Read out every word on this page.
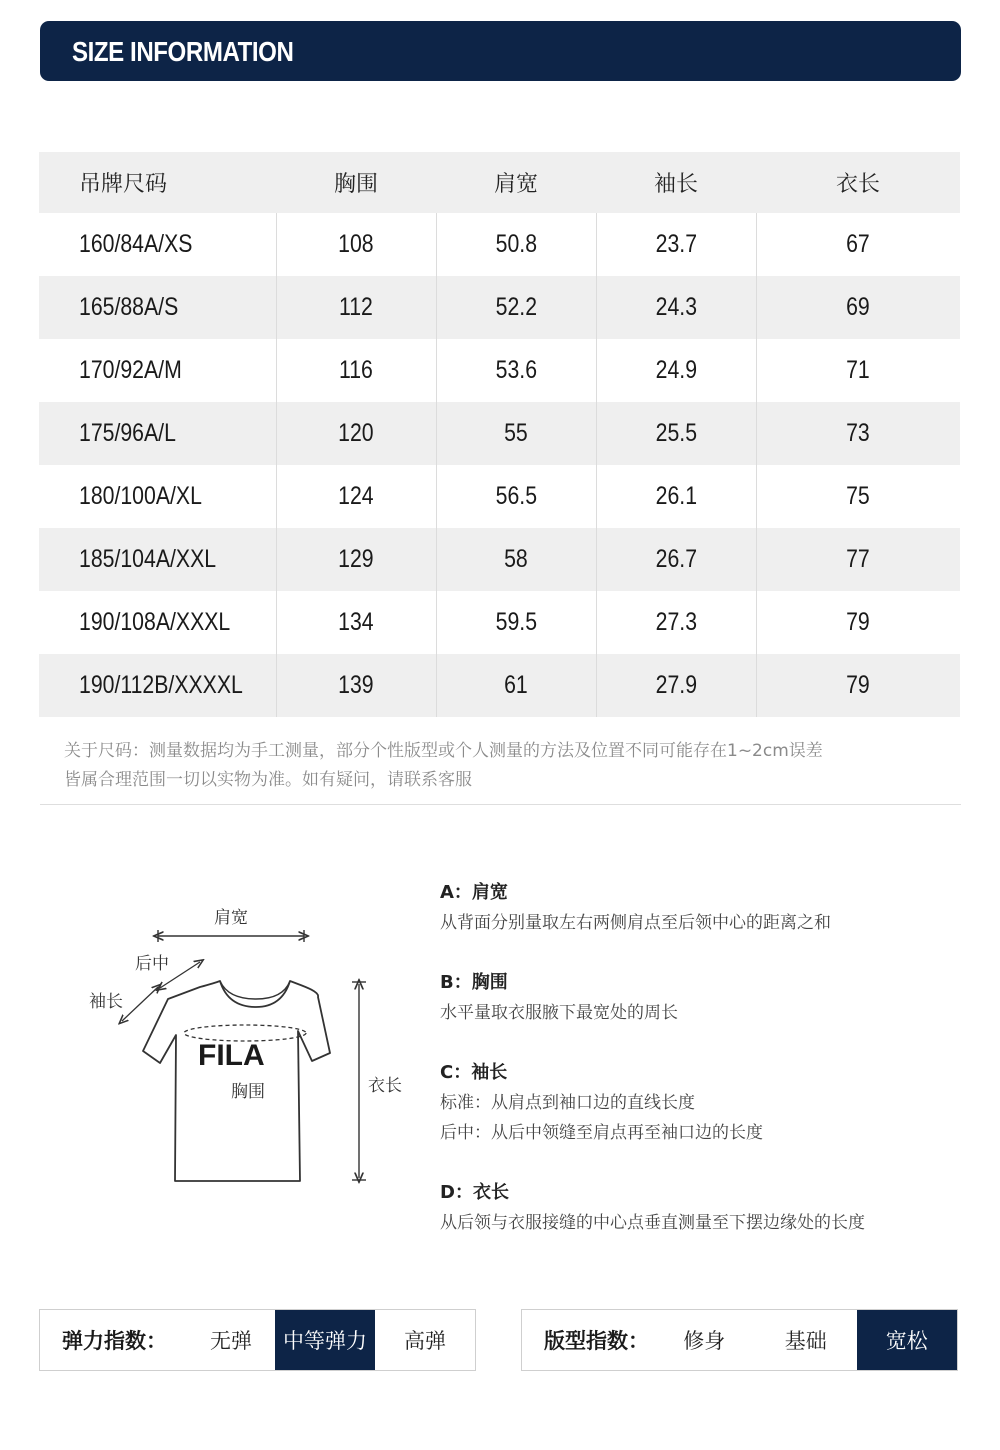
SIZE INFORMATION
吊牌尺码	胸围	肩宽	袖长	衣长
160/84A/XS	108	50.8	23.7	67
165/88A/S	112	52.2	24.3	69
170/92A/M	116	53.6	24.9	71
175/96A/L	120	55	25.5	73
180/100A/XL	124	56.5	26.1	75
185/104A/XXL	129	58	26.7	77
190/108A/XXXL	134	59.5	27.3	79
190/112B/XXXXL	139	61	27.9	79
关于尺码：测量数据均为手工测量，部分个性版型或个人测量的方法及位置不同可能存在1~2cm误差
皆属合理范围一切以实物为准。如有疑问，请联系客服
FILA
肩宽
后中
袖长
胸围	衣长
A：肩宽
从背面分别量取左右两侧肩点至后领中心的距离之和
B：胸围
水平量取衣服腋下最宽处的周长
C：袖长
标准：从肩点到袖口边的直线长度
后中：从后中领缝至肩点再至袖口边的长度
D：衣长
从后领与衣服接缝的中心点垂直测量至下摆边缘处的长度
弹力指数：	无弹	中等弹力	高弹	版型指数：	修身	基础	宽松
